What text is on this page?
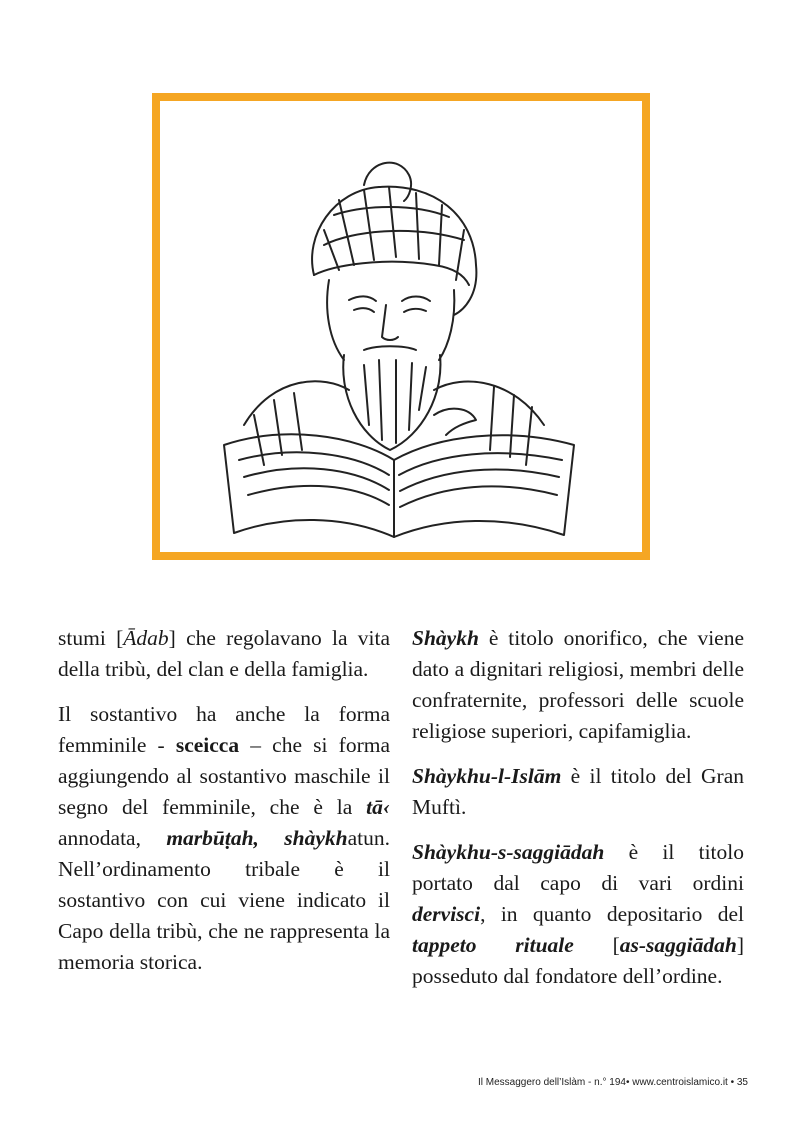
stumi [Ādab] che regolavano la vita della tribù, del clan e della famiglia.

Il sostantivo ha anche la forma femminile - sceicca – che si forma aggiungendo al sostantivo maschile il segno del femminile, che è la tā‹ annodata, marbūṭah, shàykhatun. Nell’ordinamento tribale è il sostantivo con cui viene indicato il Capo della tribù, che ne rappresenta la memoria storica.

Shàykh è titolo onorifico, che viene dato a dignitari religiosi, membri delle confraternite, professori delle scuole religiose superiori, capifamiglia.

Shàykhu-l-Islām è il titolo del Gran Muftì.

Shàykhu-s-saggiādah è il titolo portato dal capo di vari ordini dervisci, in quanto depositario del tappeto rituale [as-saggiādah] posseduto dal fondatore dell’ordine.

Il Messaggero dell’Islàm - n.° 194• www.centroislamico.it • 35
